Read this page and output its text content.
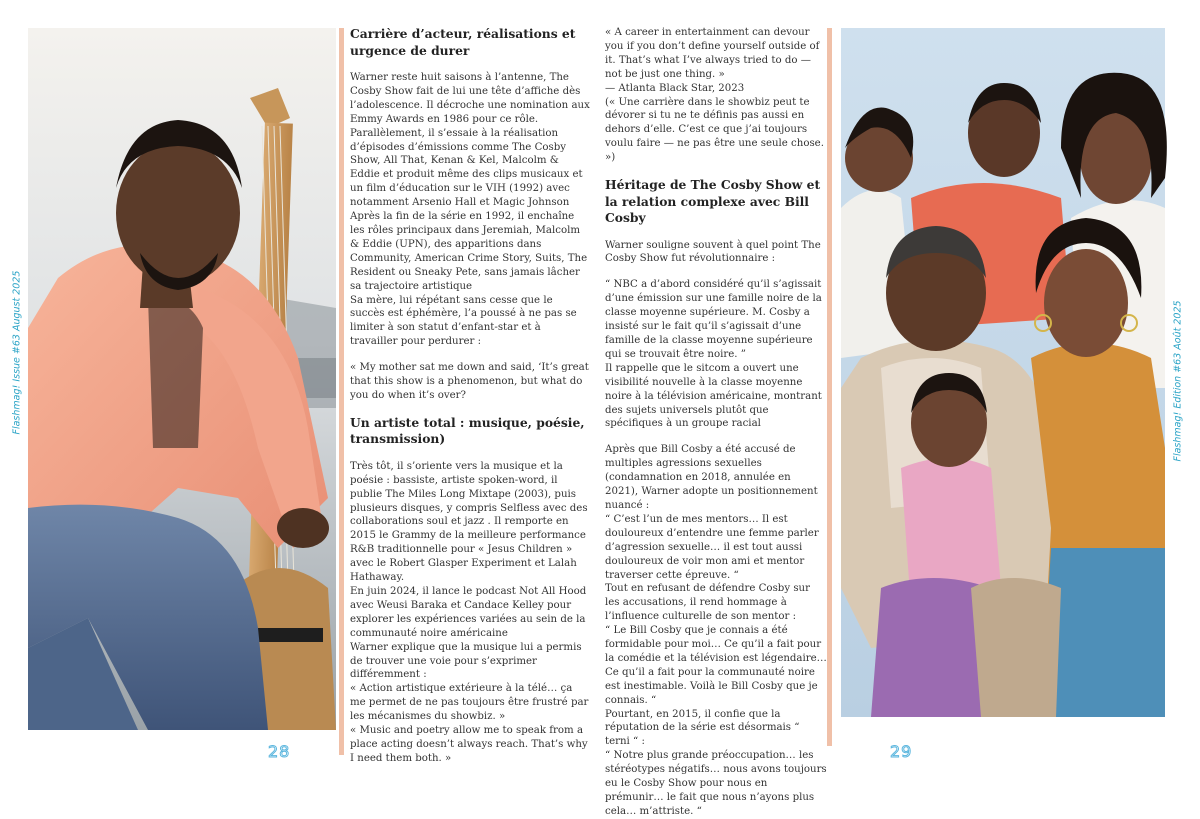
Flashmag! Issue #63 August 2025
28
Carrière d’acteur, réalisations et urgence de durer

Warner reste huit saisons à l’antenne, The Cosby Show fait de lui une tête d’affiche dès l’adolescence. Il décroche une nomination aux Emmy Awards en 1986 pour ce rôle.

Parallèlement, il s’essaie à la réalisation d’épisodes d’émissions comme The Cosby Show, All That, Kenan & Kel, Malcolm & Eddie et produit même des clips musicaux et un film d’éducation sur le VIH (1992) avec notamment Arsenio Hall et Magic Johnson

Après la fin de la série en 1992, il enchaîne les rôles principaux dans Jeremiah, Malcolm & Eddie (UPN), des apparitions dans Community, American Crime Story, Suits, The Resident ou Sneaky Pete, sans jamais lâcher sa trajectoire artistique

Sa mère, lui répétant sans cesse que le succès est éphémère, l’a poussé à ne pas se limiter à son statut d’enfant-star et à travailler pour perdurer :

« My mother sat me down and said, ‘It’s great that this show is a phenomenon, but what do you do when it’s over?

Un artiste total : musique, poésie, transmission)

Très tôt, il s’oriente vers la musique et la poésie : bassiste, artiste spoken-word, il publie The Miles Long Mixtape (2003), puis plusieurs disques, y compris Selfless avec des collaborations soul et jazz . Il remporte en 2015 le Grammy de la meilleure performance R&B traditionnelle pour « Jesus Children » avec le Robert Glasper Experiment et Lalah Hathaway.

En juin 2024, il lance le podcast Not All Hood avec Weusi Baraka et Candace Kelley pour explorer les expériences variées au sein de la communauté noire américaine

Warner explique que la musique lui a permis de trouver une voie pour s’exprimer différemment :

« Action artistique extérieure à la télé… ça me permet de ne pas toujours être frustré par les mécanismes du showbiz. »

« Music and poetry allow me to speak from a place acting doesn’t always reach. That’s why I need them both. »

« A career in entertainment can devour you if you don’t define yourself outside of it. That’s what I’ve always tried to do — not be just one thing. »

— Atlanta Black Star, 2023

(« Une carrière dans le showbiz peut te dévorer si tu ne te définis pas aussi en dehors d’elle. C’est ce que j’ai toujours voulu faire — ne pas être une seule chose. »)

Héritage de The Cosby Show et la relation complexe avec Bill Cosby

Warner souligne souvent à quel point The Cosby Show fut révolutionnaire :

“ NBC a d’abord considéré qu’il s’agissait d’une émission sur une famille noire de la classe moyenne supérieure. M. Cosby a insisté sur le fait qu’il s’agissait d’une famille de la classe moyenne supérieure qui se trouvait être noire. ”

Il rappelle que le sitcom a ouvert une visibilité nouvelle à la classe moyenne noire à la télévision américaine, montrant des sujets universels plutôt que spécifiques à un groupe racial

Après que Bill Cosby a été accusé de multiples agressions sexuelles (condamnation en 2018, annulée en 2021), Warner adopte un positionnement nuancé :

“ C’est l’un de mes mentors… Il est douloureux d’entendre une femme parler d’agression sexuelle… il est tout aussi douloureux de voir mon ami et mentor traverser cette épreuve. “

Tout en refusant de défendre Cosby sur les accusations, il rend hommage à l’influence culturelle de son mentor :

“ Le Bill Cosby que je connais a été formidable pour moi… Ce qu’il a fait pour la comédie et la télévision est légendaire… Ce qu’il a fait pour la communauté noire est inestimable. Voilà le Bill Cosby que je connais. “

Pourtant, en 2015, il confie que la réputation de la série est désormais “ terni “ :

“ Notre plus grande préoccupation… les stéréotypes négatifs… nous avons toujours eu le Cosby Show pour nous en prémunir… le fait que nous n’ayons plus cela… m’attriste. “

Flashmag! Edition #63 Août 2025
29
